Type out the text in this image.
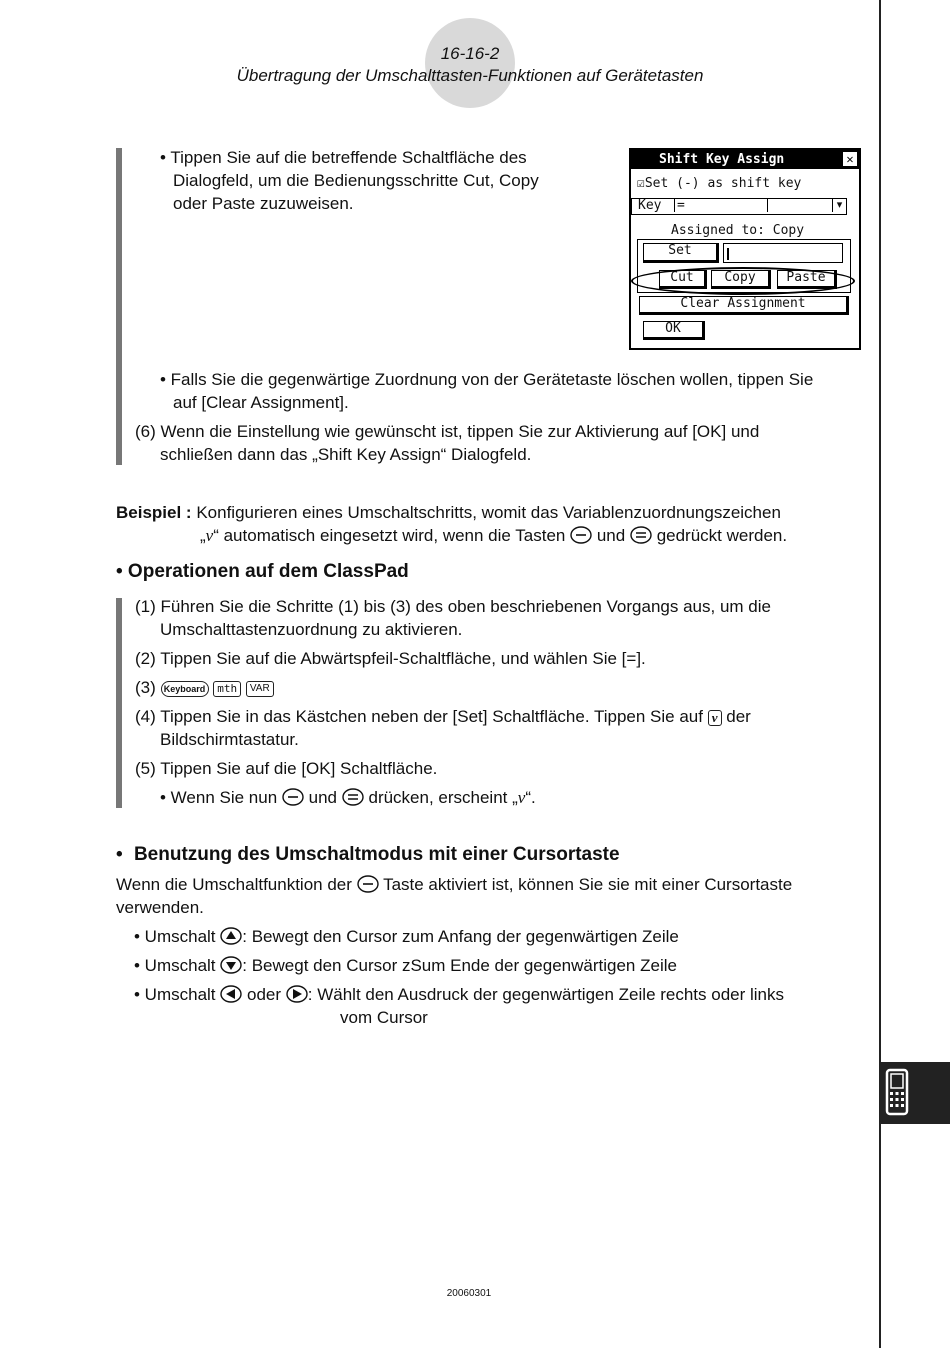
16-16-2
Übertragung der Umschalttasten-Funktionen auf Gerätetasten
• Tippen Sie auf die betreffende Schaltfläche des
Dialogfeld, um die Bedienungsschritte Cut, Copy
oder Paste zuzuweisen.
Shift Key Assign	✕
☑Set (-) as shift key
Key =	▾
Assigned to: Copy
Set
Cut	Copy	Paste
Clear Assignment
OK
• Falls Sie die gegenwärtige Zuordnung von der Gerätetaste löschen wollen, tippen Sie
auf [Clear Assignment].
(6) Wenn die Einstellung wie gewünscht ist, tippen Sie zur Aktivierung auf [OK] und
schließen dann das „Shift Key Assign“ Dialogfeld.
Beispiel : Konfigurieren eines Umschaltschritts, womit das Variablenzuordnungszeichen
„v“ automatisch eingesetzt wird, wenn die Tasten und gedrückt werden.
• Operationen auf dem ClassPad
(1) Führen Sie die Schritte (1) bis (3) des oben beschriebenen Vorgangs aus, um die
Umschalttastenzuordnung zu aktivieren.
(2) Tippen Sie auf die Abwärtspfeil-Schaltfläche, und wählen Sie [=].
(3) Keyboard mth VAR
(4) Tippen Sie in das Kästchen neben der [Set] Schaltfläche. Tippen Sie auf v der
Bildschirmtastatur.
(5) Tippen Sie auf die [OK] Schaltfläche.
• Wenn Sie nun und drücken, erscheint „v“.
• Benutzung des Umschaltmodus mit einer Cursortaste
Wenn die Umschaltfunktion der Taste aktiviert ist, können Sie sie mit einer Cursortaste
verwenden.
• Umschalt : Bewegt den Cursor zum Anfang der gegenwärtigen Zeile
• Umschalt : Bewegt den Cursor zSum Ende der gegenwärtigen Zeile
• Umschalt oder : Wählt den Ausdruck der gegenwärtigen Zeile rechts oder links
vom Cursor
20060301
